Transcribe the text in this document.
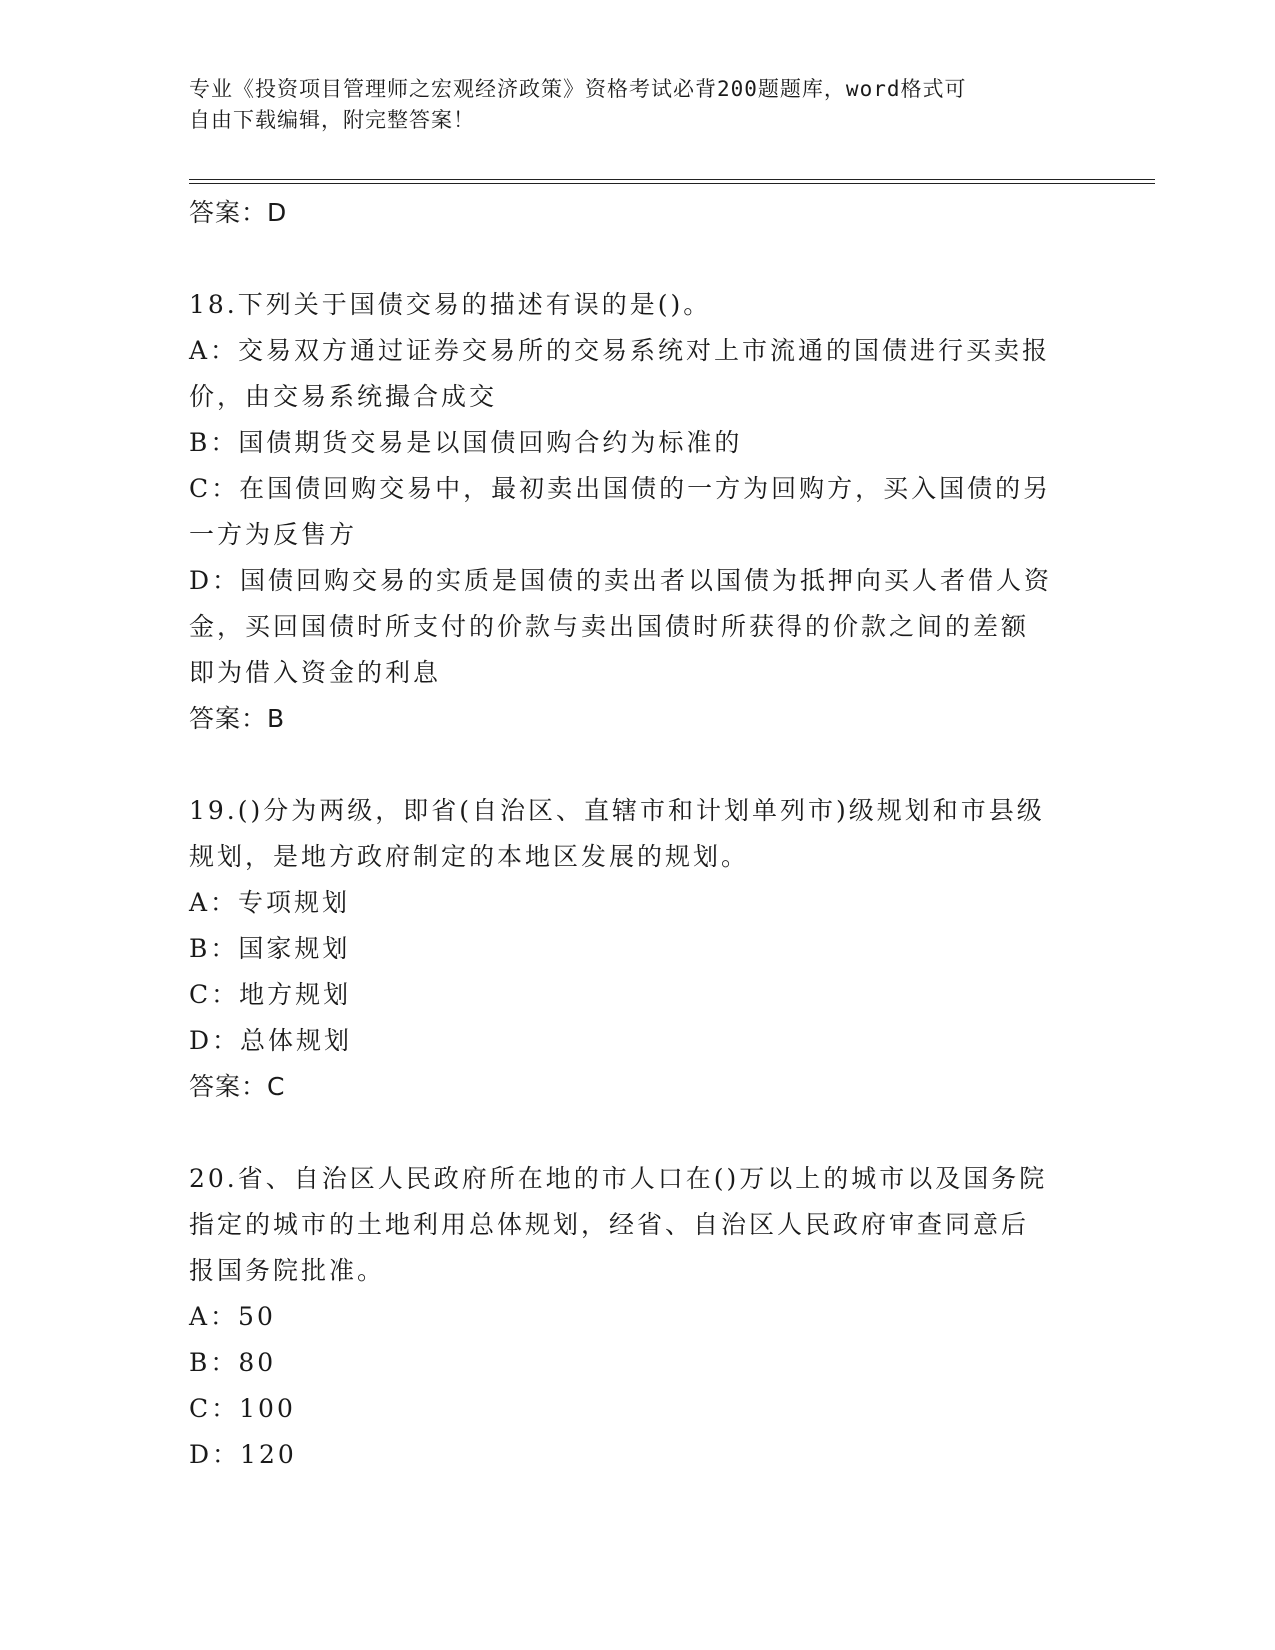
专业《投资项目管理师之宏观经济政策》资格考试必背200题题库，word格式可
自由下载编辑，附完整答案！
答案：D
18.下列关于国债交易的描述有误的是()。
A：交易双方通过证券交易所的交易系统对上市流通的国债进行买卖报
价，由交易系统撮合成交
B：国债期货交易是以国债回购合约为标准的
C：在国债回购交易中，最初卖出国债的一方为回购方，买入国债的另
一方为反售方
D：国债回购交易的实质是国债的卖出者以国债为抵押向买人者借人资
金，买回国债时所支付的价款与卖出国债时所获得的价款之间的差额
即为借入资金的利息
答案：B
19.()分为两级，即省(自治区、直辖市和计划单列市)级规划和市县级
规划，是地方政府制定的本地区发展的规划。
A：专项规划
B：国家规划
C：地方规划
D：总体规划
答案：C
20.省、自治区人民政府所在地的市人口在()万以上的城市以及国务院
指定的城市的土地利用总体规划，经省、自治区人民政府审查同意后
报国务院批准。
A：50
B：80
C：100
D：120
